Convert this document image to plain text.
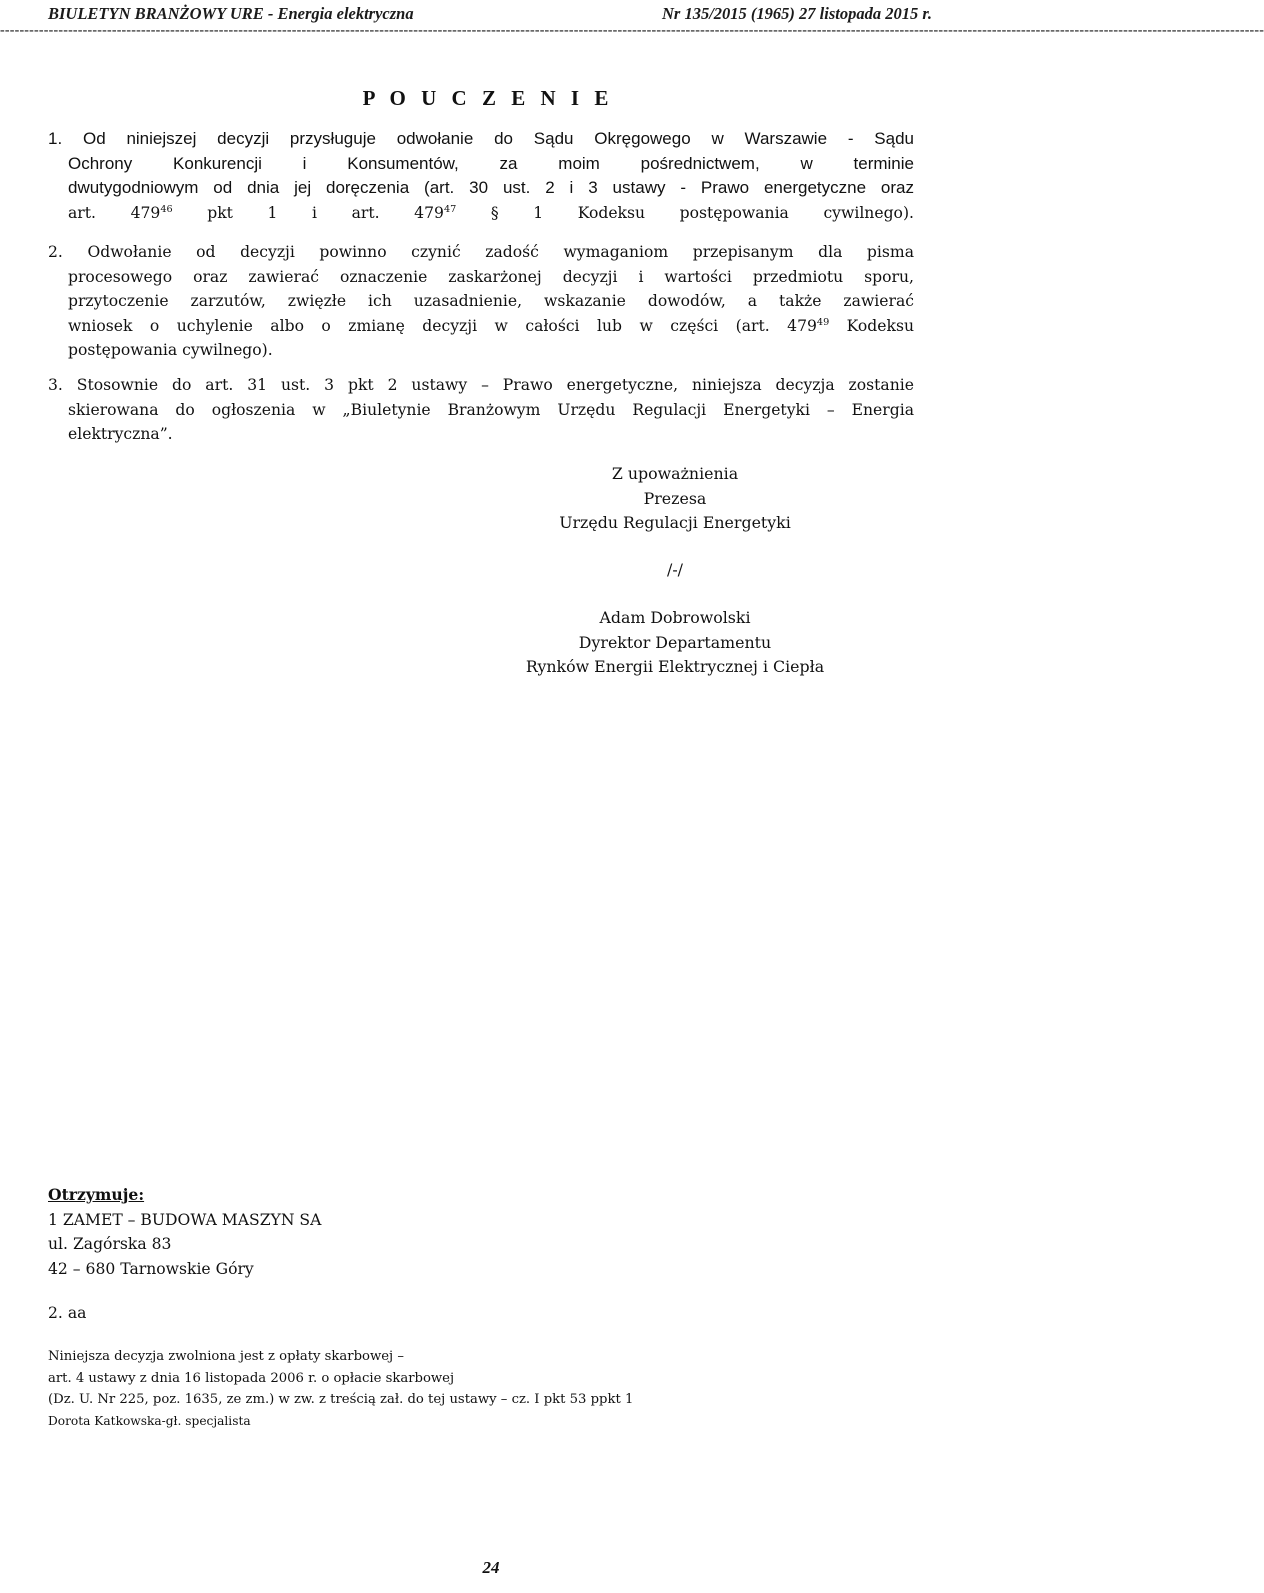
BIULETYN BRANŻOWY URE - Energia elektryczna	Nr 135/2015 (1965) 27 listopada 2015 r.
--------------------------------------------------------------------------------------------------------------------------------------------------------------------------------------------------------------------------------------------------------------------
P O U C Z E N I E
1. Od niniejszej decyzji przysługuje odwołanie do Sądu Okręgowego w Warszawie - Sądu
Ochrony Konkurencji i Konsumentów, za moim pośrednictwem, w terminie
dwutygodniowym od dnia jej doręczenia (art. 30 ust. 2 i 3 ustawy - Prawo energetyczne oraz
art. $479^{46}$ pkt 1 i art. $479^{47}$ § 1 Kodeksu postępowania cywilnego).
2. Odwołanie od decyzji powinno czynić zadość wymaganiom przepisanym dla pisma
procesowego oraz zawierać oznaczenie zaskarżonej decyzji i wartości przedmiotu sporu,
przytoczenie zarzutów, zwięzłe ich uzasadnienie, wskazanie dowodów, a także zawierać
wniosek o uchylenie albo o zmianę decyzji w całości lub w części (art. $479^{49}$ Kodeksu
postępowania cywilnego).
3. Stosownie do art. 31 ust. 3 pkt 2 ustawy – Prawo energetyczne, niniejsza decyzja zostanie
skierowana do ogłoszenia w „Biuletynie Branżowym Urzędu Regulacji Energetyki – Energia
elektryczna”.
Z upoważnienia
Prezesa
Urzędu Regulacji Energetyki
/-/
Adam Dobrowolski
Dyrektor Departamentu
Rynków Energii Elektrycznej i Ciepła
Otrzymuje:
1 ZAMET – BUDOWA MASZYN SA
ul. Zagórska 83
42 – 680 Tarnowskie Góry
2. aa
Niniejsza decyzja zwolniona jest z opłaty skarbowej –
art. 4 ustawy z dnia 16 listopada 2006 r. o opłacie skarbowej
(Dz. U. Nr 225, poz. 1635, ze zm.) w zw. z treścią zał. do tej ustawy – cz. I pkt 53 ppkt 1
Dorota Katkowska-gł. specjalista
24
